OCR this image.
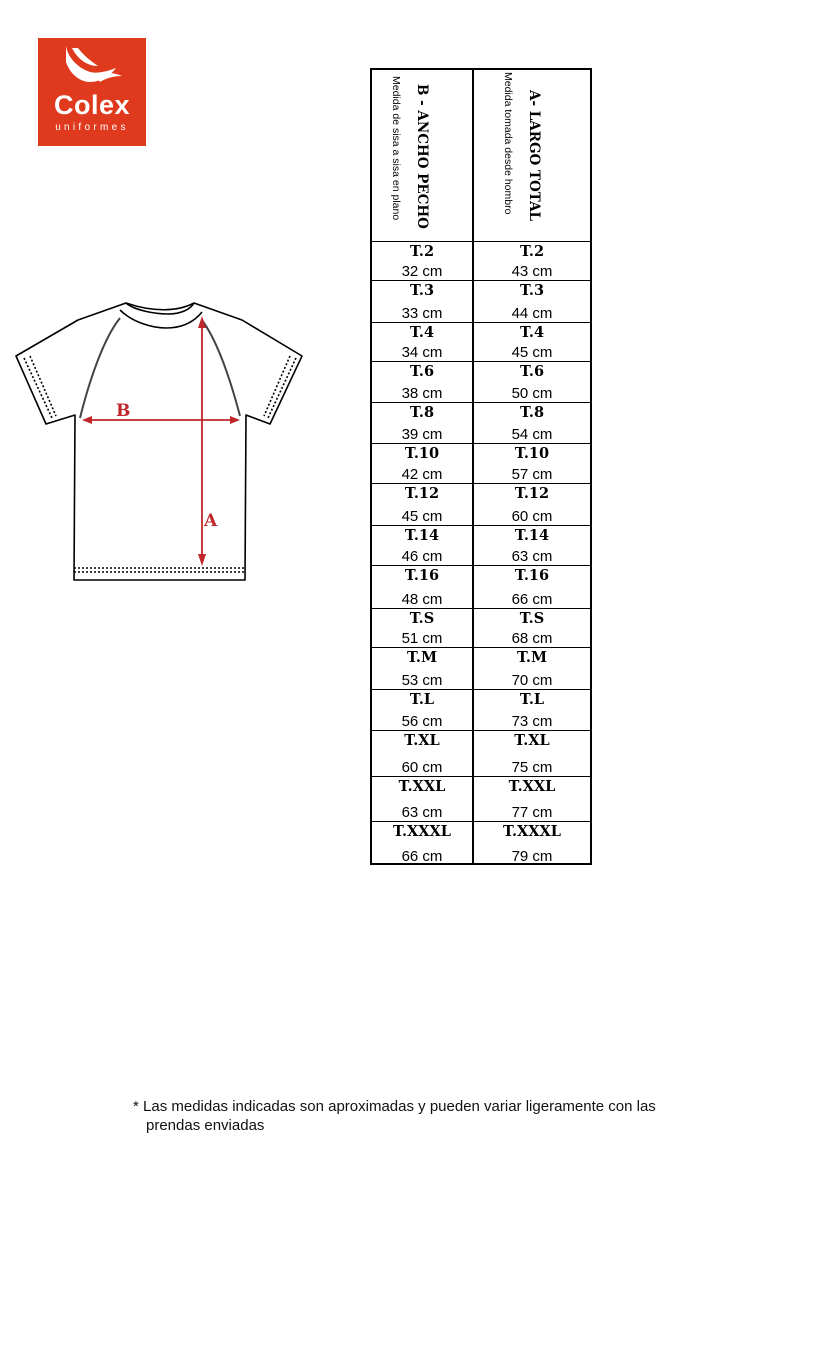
Colex
uniformes
B
A
B - ANCHO PECHO
Medida de sisa a sisa en plano	A- LARGO TOTAL
Medida tomada desde hombro
T.2
32 cm
T.2
43 cm
T.3
33 cm
T.3
44 cm
T.4
34 cm
T.4
45 cm
T.6
38 cm
T.6
50 cm
T.8
39 cm
T.8
54 cm
T.10
42 cm
T.10
57 cm
T.12
45 cm
T.12
60 cm
T.14
46 cm
T.14
63 cm
T.16
48 cm
T.16
66 cm
T.S
51 cm
T.S
68 cm
T.M
53 cm
T.M
70 cm
T.L
56 cm
T.L
73 cm
T.XL
60 cm
T.XL
75 cm
T.XXL
63 cm
T.XXL
77 cm
T.XXXL
66 cm
T.XXXL
79 cm
* Las medidas indicadas son aproximadas y pueden variar ligeramente con las
prendas enviadas
